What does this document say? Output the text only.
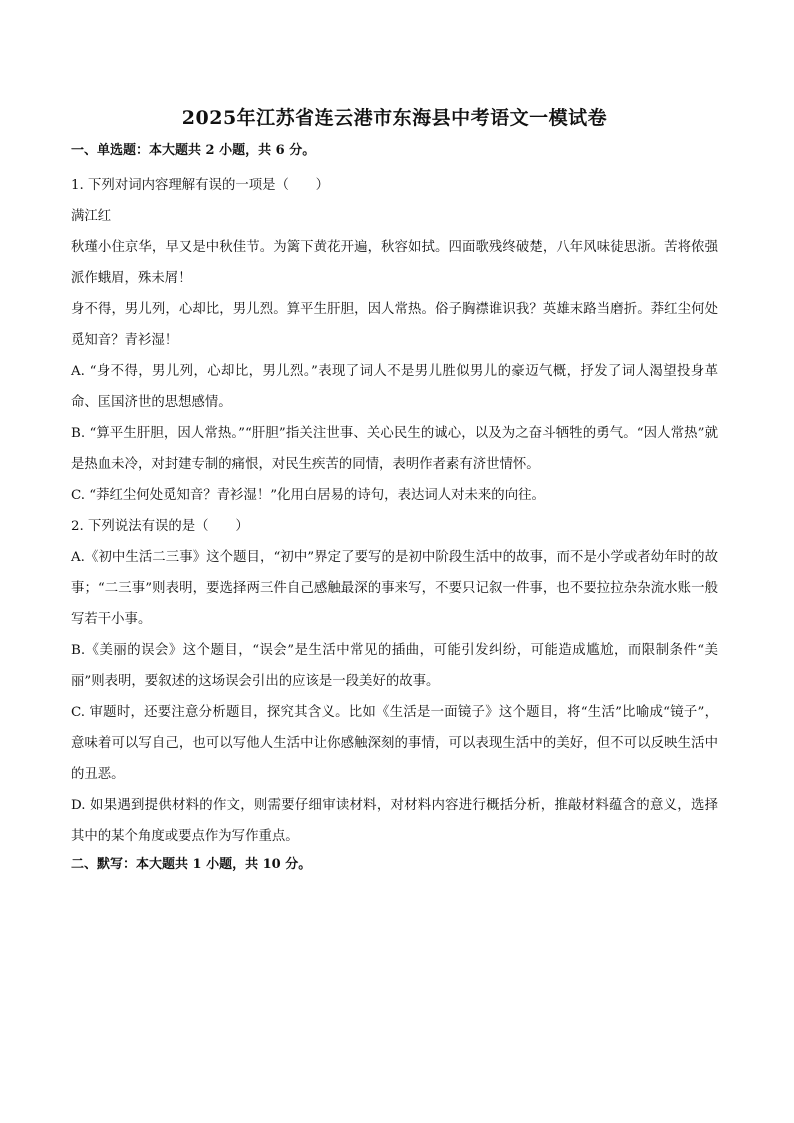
2025年江苏省连云港市东海县中考语文一模试卷
一、单选题：本大题共 2 小题，共 6 分。

1. 下列对词内容理解有误的一项是（　　）

满江红

秋瑾小住京华，早又是中秋佳节。为篱下黄花开遍，秋容如拭。四面歌残终破楚，八年风味徒思浙。苦将侬强派作蛾眉，殊未屑！

身不得，男儿列，心却比，男儿烈。算平生肝胆，因人常热。俗子胸襟谁识我？英雄末路当磨折。莽红尘何处觅知音？青衫湿！

A. “身不得，男儿列，心却比，男儿烈。”表现了词人不是男儿胜似男儿的豪迈气概，抒发了词人渴望投身革命、匡国济世的思想感情。

B. “算平生肝胆，因人常热。”“肝胆”指关注世事、关心民生的诚心，以及为之奋斗牺牲的勇气。“因人常热”就是热血未冷，对封建专制的痛恨，对民生疾苦的同情，表明作者素有济世情怀。

C. “莽红尘何处觅知音？青衫湿！”化用白居易的诗句，表达词人对未来的向往。

2. 下列说法有误的是（　　）

A.《初中生活二三事》这个题目，“初中”界定了要写的是初中阶段生活中的故事，而不是小学或者幼年时的故事；“二三事”则表明，要选择两三件自己感触最深的事来写，不要只记叙一件事，也不要拉拉杂杂流水账一般写若干小事。

B.《美丽的误会》这个题目，“误会”是生活中常见的插曲，可能引发纠纷，可能造成尴尬，而限制条件“美丽”则表明，要叙述的这场误会引出的应该是一段美好的故事。

C. 审题时，还要注意分析题目，探究其含义。比如《生活是一面镜子》这个题目，将“生活”比喻成“镜子”，意味着可以写自己，也可以写他人生活中让你感触深刻的事情，可以表现生活中的美好，但不可以反映生活中的丑恶。

D. 如果遇到提供材料的作文，则需要仔细审读材料，对材料内容进行概括分析，推敲材料蕴含的意义，选择其中的某个角度或要点作为写作重点。

二、默写：本大题共 1 小题，共 10 分。
